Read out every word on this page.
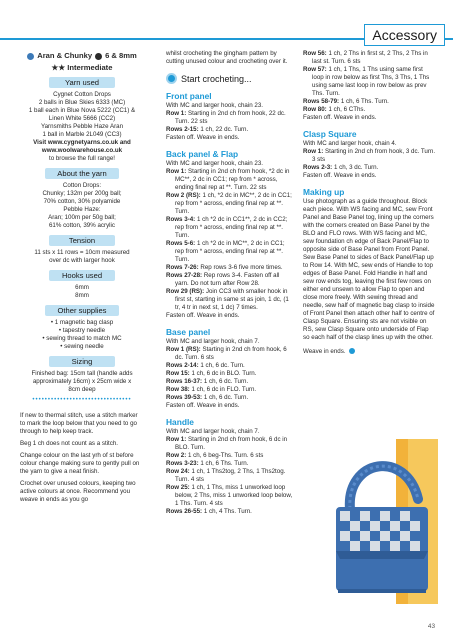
Accessory
Aran & Chunky 6 & 8mm
★★ Intermediate
Yarn used
Cygnet Cotton Drops
2 balls in Blue Skies 6333 (MC)
1 ball each in Blue Nova 5222 (CC1) &
Linen White 5666 (CC2)
Yarnsmiths Pebble Haze Aran
1 ball in Marble 2L049 (CC3)
Visit www.cygnetyarns.co.uk and
www.woolwarehouse.co.uk
to browse the full range!
About the yarn
Cotton Drops:
Chunky; 132m per 200g ball;
70% cotton, 30% polyamide
Pebble Haze:
Aran; 100m per 50g ball;
61% cotton, 39% acrylic
Tension
11 sts x 11 rows = 10cm measured
over dc with larger hook
Hooks used
6mm
8mm
Other supplies
• 1 magnetic bag clasp
• tapestry needle
• sewing thread to match MC
• sewing needle
Sizing
Finished bag: 15cm tall (handle adds
approximately 16cm) x 25cm wide x
8cm deep
••••••••••••••••••••••••••••••••
If new to thermal stitch, use a stitch marker to mark the loop below that you need to go through to help keep track.
Beg 1 ch does not count as a stitch.
Change colour on the last yrh of st before colour change making sure to gently pull on the yarn to give a neat finish.
Crochet over unused colours, keeping two active colours at once. Recommend you weave in ends as you go
whilst crocheting the gingham pattern by cutting unused colour and crocheting over it.
Start crocheting...
Front panel
With MC and larger hook, chain 23.
Row 1: Starting in 2nd ch from hook, 22 dc. Turn. 22 sts
Rows 2-15: 1 ch, 22 dc. Turn.
Fasten off. Weave in ends.
Back panel & Flap
With MC and larger hook, chain 23.
Row 1: Starting in 2nd ch from hook, *2 dc in MC**, 2 dc in CC1; rep from * across, ending final rep at **. Turn. 22 sts
Row 2 (RS): 1 ch, *2 dc in MC**, 2 dc in CC1; rep from * across, ending final rep at **. Turn.
Rows 3-4: 1 ch *2 dc in CC1**, 2 dc in CC2; rep from * across, ending final rep at **. Turn.
Rows 5-6: 1 ch *2 dc in MC**, 2 dc in CC1; rep from * across, ending final rep at **. Turn.
Rows 7-26: Rep rows 3-6 five more times.
Rows 27-28: Rep rows 3-4. Fasten off all yarn. Do not turn after Row 28.
Row 29 (RS): Join CC3 with smaller hook in first st, starting in same st as join, 1 dc, (1 tr, 4 tr in next st, 1 dc) 7 times.
Fasten off. Weave in ends.
Base panel
With MC and larger hook, chain 7.
Row 1 (RS): Starting in 2nd ch from hook, 6 dc. Turn. 6 sts
Rows 2-14: 1 ch, 6 dc. Turn.
Row 15: 1 ch, 6 dc in BLO. Turn.
Rows 16-37: 1 ch, 6 dc. Turn.
Row 38: 1 ch, 6 dc in FLO. Turn.
Rows 39-53: 1 ch, 6 dc. Turn.
Fasten off. Weave in ends.
Handle
With MC and larger hook, chain 7.
Row 1: Starting in 2nd ch from hook, 6 dc in BLO. Turn.
Row 2: 1 ch, 6 beg-Ths. Turn. 6 sts
Rows 3-23: 1 ch, 6 Ths. Turn.
Row 24: 1 ch, 1 Ths2tog, 2 Ths, 1 Ths2tog. Turn. 4 sts
Row 25: 1 ch, 1 Ths, miss 1 unworked loop below, 2 Ths, miss 1 unworked loop below, 1 Ths. Turn. 4 sts
Rows 26-55: 1 ch, 4 Ths. Turn.
Row 56: 1 ch, 2 Ths in first st, 2 Ths, 2 Ths in last st. Turn. 6 sts
Row 57: 1 ch, 1 Ths, 1 Ths using same first loop in row below as first Ths, 3 Ths, 1 Ths using same last loop in row below as prev Ths. Turn.
Rows 58-79: 1 ch, 6 Ths. Turn.
Row 80: 1 ch, 6 CThs.
Fasten off. Weave in ends.
Clasp Square
With MC and larger hook, chain 4.
Row 1: Starting in 2nd ch from hook, 3 dc. Turn. 3 sts
Rows 2-3: 1 ch, 3 dc. Turn.
Fasten off. Weave in ends.
Making up
Use photograph as a guide throughout. Block each piece. With WS facing and MC, sew Front Panel and Base Panel tog, lining up the corners with the corners created on Base Panel by the BLO and FLO rows. With WS facing and MC, sew foundation ch edge of Back Panel/Flap to opposite side of Base Panel from Front Panel. Sew Base Panel to sides of Back Panel/Flap up to Row 14. With MC, sew ends of Handle to top edges of Base Panel. Fold Handle in half and sew row ends tog, leaving the first few rows on either end unsewn to allow Flap to open and close more freely. With sewing thread and needle, sew half of magnetic bag clasp to inside of Front Panel then attach other half to centre of Clasp Square. Ensuring sts are not visible on RS, sew Clasp Square onto underside of Flap so each half of the clasp lines up with the other.
Weave in ends.
43
